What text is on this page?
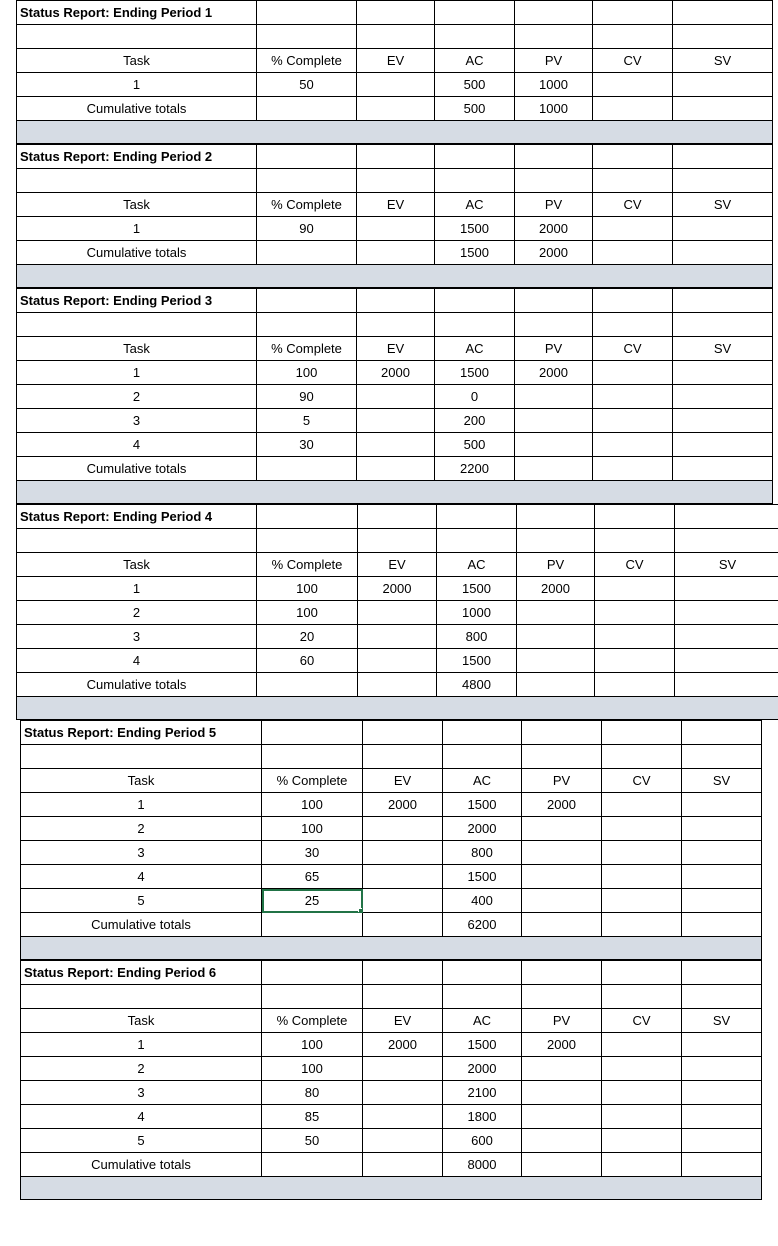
Status Report: Ending Period 1						

Task	% Complete	EV	AC	PV	CV	SV
1	50		500	1000		
Cumulative totals			500	1000		

Status Report: Ending Period 2						

Task	% Complete	EV	AC	PV	CV	SV
1	90		1500	2000		
Cumulative totals			1500	2000		

Status Report: Ending Period 3						

Task	% Complete	EV	AC	PV	CV	SV
1	100	2000	1500	2000		
2	90		0			
3	5		200			
4	30		500			
Cumulative totals			2200			

Status Report: Ending Period 4						

Task	% Complete	EV	AC	PV	CV	SV
1	100	2000	1500	2000		
2	100		1000			
3	20		800			
4	60		1500			
Cumulative totals			4800			

Status Report: Ending Period 5						

Task	% Complete	EV	AC	PV	CV	SV
1	100	2000	1500	2000		
2	100		2000			
3	30		800			
4	65		1500			
5	25		400			
Cumulative totals			6200			

Status Report: Ending Period 6						

Task	% Complete	EV	AC	PV	CV	SV
1	100	2000	1500	2000		
2	100		2000			
3	80		2100			
4	85		1800			
5	50		600			
Cumulative totals			8000			
